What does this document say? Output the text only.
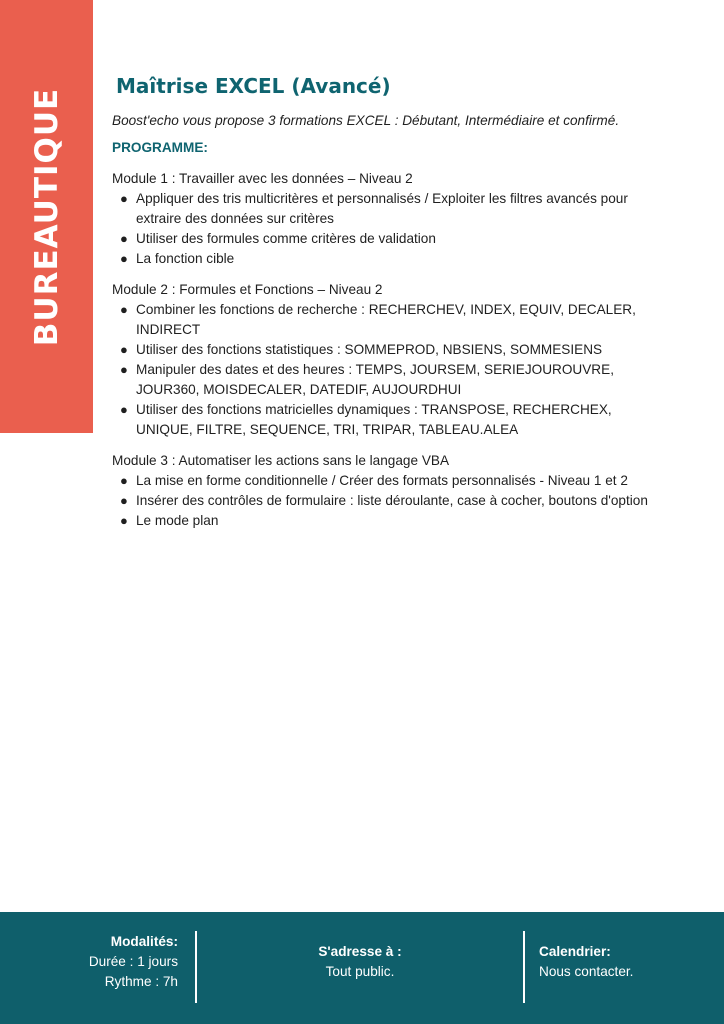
BUREAUTIQUE
Maîtrise EXCEL (Avancé)

Boost'echo vous propose 3 formations EXCEL : Débutant, Intermédiaire et confirmé.

PROGRAMME:
Module 1 : Travailler avec les données – Niveau 2
● Appliquer des tris multicritères et personnalisés / Exploiter les filtres avancés pour extraire des données sur critères
● Utiliser des formules comme critères de validation
● La fonction cible
Module 2 : Formules et Fonctions – Niveau 2
● Combiner les fonctions de recherche : RECHERCHEV, INDEX, EQUIV, DECALER, INDIRECT
● Utiliser des fonctions statistiques : SOMMEPROD, NBSIENS, SOMMESIENS
● Manipuler des dates et des heures : TEMPS, JOURSEM, SERIEJOUROUVRE, JOUR360, MOISDECALER, DATEDIF, AUJOURDHUI
● Utiliser des fonctions matricielles dynamiques : TRANSPOSE, RECHERCHEX, UNIQUE, FILTRE, SEQUENCE, TRI, TRIPAR, TABLEAU.ALEA
Module 3 : Automatiser les actions sans le langage VBA
● La mise en forme conditionnelle / Créer des formats personnalisés - Niveau 1 et 2
● Insérer des contrôles de formulaire : liste déroulante, case à cocher, boutons d'option
● Le mode plan
Modalités:
Durée : 1 jours
Rythme : 7h
S'adresse à :
Tout public.
Calendrier:
Nous contacter.
